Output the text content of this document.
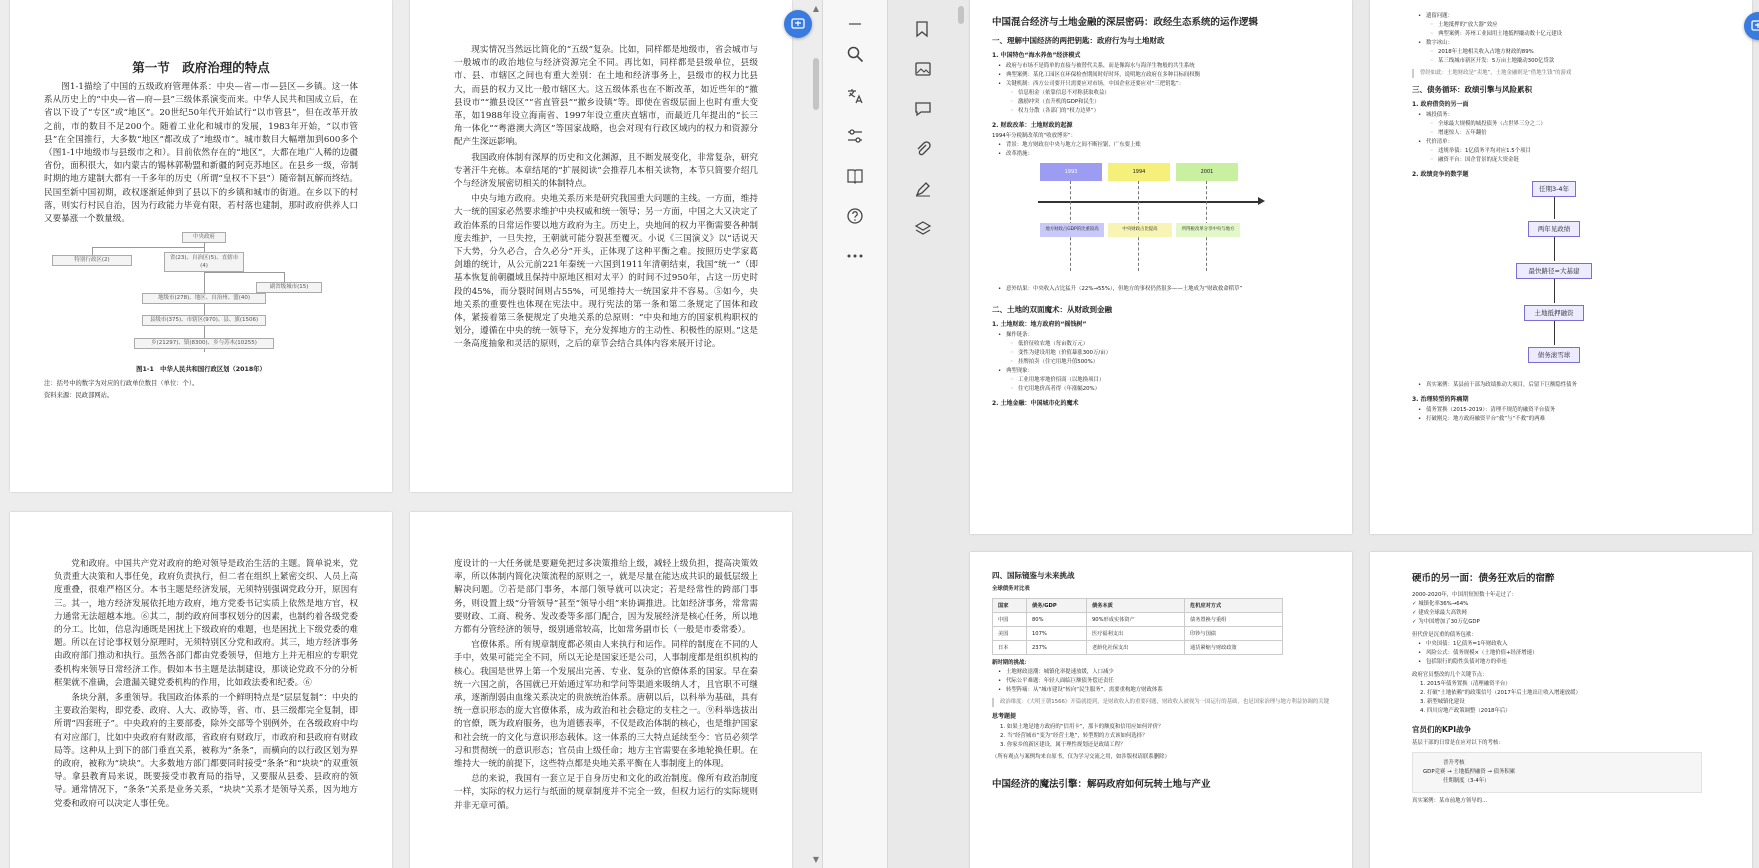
第一节　政府治理的特点
图1-1描绘了中国的五级政府管理体系：中央—省—市—县区—乡镇。这一体系从历史上的“中央—省—府—县”三级体系演变而来。中华人民共和国成立后，在省以下设了“专区”或“地区”。20世纪50年代开始试行“以市管县”，但在改革开放之前，市的数目不足200个。随着工业化和城市的发展，1983年开始，“以市管县”在全国推行，大多数“地区”都改成了“地级市”。城市数目大幅增加到600多个（图1-1中地级市与县级市之和）。目前依然存在的“地区”，大都在地广人稀的边疆省份，面积很大，如内蒙古的锡林郭勒盟和新疆的阿克苏地区。在县乡一级，帝制时期的地方建制大都有一千多年的历史（所谓“皇权不下县”）随帝制瓦解而终结。民国至新中国初期，政权逐渐延伸到了县以下的乡镇和城市的街道。在乡以下的村落，则实行村民自治，因为行政能力毕竟有限，若村落也建制，那时政府供养人口又要暴涨一个数量级。
中央政府
特别行政区(2)	省(23)、自治区(5)、直辖市(4)
副省级城市(15)
地级市(278)、地区、自治州、盟(40)
县级市(375)、市辖区(970)、县、旗(1506)
乡(21297)、镇(8300)、乡与苏木(10255)
图1-1　中华人民共和国行政区划（2018年）
注：括号中的数字为对应的行政单位数目（单位：个）。
资料来源：民政部网站。
现实情况当然远比简化的“五级”复杂。比如，同样都是地级市，省会城市与一般城市的政治地位与经济资源完全不同。再比如，同样都是县级单位，县级市、县、市辖区之间也有重大差别：在土地和经济事务上，县级市的权力比县大，而县的权力又比一般市辖区大。这五级体系也在不断改革，如近些年的“撤县设市”“撤县设区”“省直管县”“撤乡设镇”等。即使在省级层面上也时有重大变革，如1988年设立海南省、1997年设立重庆直辖市，而最近几年提出的“长三角一体化”“粤港澳大湾区”等国家战略，也会对现有行政区域内的权力和资源分配产生深远影响。
我国政府体制有深厚的历史和文化渊源，且不断发展变化，非常复杂，研究专著汗牛充栋。本章结尾的“扩展阅读”会推荐几本相关读物，本节只简要介绍几个与经济发展密切相关的体制特点。
中央与地方政府。央地关系历来是研究我国重大问题的主线。一方面，维持大一统的国家必然要求维护中央权威和统一领导；另一方面，中国之大又决定了政治体系的日常运作要以地方政府为主。历史上，央地间的权力平衡需要各种制度去维护，一旦失控，王朝就可能分裂甚至覆灭。小说《三国演义》以“话说天下大势，分久必合，合久必分”开头，正体现了这种平衡之难。按照历史学家葛剑雄的统计，从公元前221年秦统一六国到1911年清朝结束，我国“统一”（即基本恢复前朝疆域且保持中原地区相对太平）的时间不过950年，占这一历史时段的45%，而分裂时间则占55%，可见维持大一统国家并不容易。⑤如今，央地关系的重要性也体现在宪法中。现行宪法的第一条和第二条规定了国体和政体，紧接着第三条便规定了央地关系的总原则：“中央和地方的国家机构职权的划分，遵循在中央的统一领导下，充分发挥地方的主动性、积极性的原则。”这是一条高度抽象和灵活的原则，之后的章节会结合具体内容来展开讨论。
党和政府。中国共产党对政府的绝对领导是政治生活的主题。简单说来，党负责重大决策和人事任免，政府负责执行，但二者在组织上紧密交织、人员上高度重叠，很难严格区分。本书主题是经济发展，无须特别强调党政分开，原因有三。其一，地方经济发展依托地方政府，地方党委书记实质上依然是地方官，权力通常无法超越本地。⑥其二，制约政府间事权划分的因素，也制约着各级党委的分工。比如，信息沟通既是困扰上下级政府的难题，也是困扰上下级党委的难题。所以在讨论事权划分原理时，无须特别区分党和政府。其三，地方经济事务由政府部门推动和执行。虽然各部门都由党委领导，但地方上并无相应的专职党委机构来领导日常经济工作。假如本书主题是法制建设，那谈论党政不分的分析框架就不准确，会遗漏关键党委机构的作用，比如政法委和纪委。⑥
条块分割，多重领导。我国政治体系的一个鲜明特点是“层层复制”：中央的主要政治架构，即党委、政府、人大、政协等，省、市、县三级都完全复制，即所谓“四套班子”。中央政府的主要部委，除外交部等个别例外，在各级政府中均有对应部门，比如中央政府有财政部，省政府有财政厅，市政府和县政府有财政局等。这种从上到下的部门垂直关系，被称为“条条”，而横向的以行政区划为界的政府，被称为“块块”。大多数地方部门都要同时接受“条条”和“块块”的双重领导。拿县教育局来说，既要接受市教育局的指导，又要服从县委、县政府的领导。通常情况下，“条条”关系是业务关系，“块块”关系才是领导关系，因为地方党委和政府可以决定人事任免。
度设计的一大任务就是要避免把过多决策推给上级，减轻上级负担，提高决策效率，所以体制内简化决策流程的原则之一，就是尽量在能达成共识的最低层级上解决问题。⑦若是部门事务，本部门领导就可以决定；若是经常性的跨部门事务，则设置上级“分管领导”甚至“领导小组”来协调推进。比如经济事务，常常需要财政、工商、税务、发改委等多部门配合，因为发展经济是核心任务，所以地方都有分管经济的领导，级别通常较高，比如常务副市长（一般是市委常委）。
官僚体系。所有规章制度都必须由人来执行和运作。同样的制度在不同的人手中，效果可能完全不同，所以无论是国家还是公司，人事制度都是组织机构的核心。我国是世界上第一个发展出完善、专业、复杂的官僚体系的国家。早在秦统一六国之前，各国就已开始通过军功和学问等渠道来吸纳人才，且官职不可继承，逐渐削弱由血缘关系决定的贵族统治体系。唐朝以后，以科举为基础，具有统一意识形态的庞大官僚体系，成为政治和社会稳定的支柱之一。⑨科举选拔出的官僚，既为政府服务，也为道德表率，不仅是政治体制的核心，也是维护国家和社会统一的文化与意识形态载体。这一体系的三大特点延续至今：官员必须学习和贯彻统一的意识形态；官员由上级任命；地方主官需要在多地轮换任职。在维持大一统的前提下，这些特点都是央地关系平衡在人事制度上的体现。
总的来说，我国有一套立足于自身历史和文化的政治制度。像所有政治制度一样，实际的权力运行与纸面的规章制度并不完全一致，但权力运行的实际规则并非无章可循。
▲
▼
中国混合经济与土地金融的深层密码：政经生态系统的运作逻辑
一、理解中国经济的两把钥匙：政府行为与土地财政
1. 中国特色“海水养鱼”经济模式
• 政府与市场不是简单的直接与被替代关系，而是像海水与海洋生物般的共生系统
• 典型案例：某化工园区在环保检查期间时好时坏，说明地方政府在多种目标间权衡
• 关键机制：西方公司要开只需要应对市场，中国企业还要应对“三把钥匙”：
◦ 信息租金（依靠信息不对称获取收益）
◦ 激励冲突（直升机的GDP和民生）
◦ 权力分散（各部门的“权力边界”）
2. 财政改革：土地财政的起源
1994年分税制改革的“收放博弈”：
• 背景：地方财政在中央与地方之间不断拉锯，广东要上账
• 改革措施：
1993	1994	2001
地方财政占GDP的比重较高	中央财政占比提高	所得税改革分享中央与地方
• 意外结果：中央收入占比猛升（22%→55%），但地方的事权仍然很多——土地成为“财政救命稻草”
二、土地的双面魔术：从财政到金融
1. 土地财政：地方政府的“摇钱树”
• 操作链条：
◦ 低价征收农地（每亩数万元）
◦ 变性为建设用地（价值暴涨300万/亩）
◦ 挂牌拍卖（住宅用地升值500%）
• 典型现象：
◦ 工业用地零地价招商（以地换项目）
◦ 住宅用地价高者得（年涨幅20%）
2. 土地金融：中国城市化的魔术
• 遗留问题：
◦ 土地抵押的“放大器”效应
◦ 典型案例：苏州工业园用土地抵押撬动数十亿元建设
• 数字冰山：
◦ 2018年土地相关收入占地方财政的89%
◦ 某三线城市新区开发：5万亩土地撬动300亿贷款
曾经如此：土地财政是“卖地”，土地金融则是“借地生钱”的游戏
三、债务循环：政绩引擎与风险累积
1. 政府借贷的另一面
• 城投债务：
◦ 全球最大规模的城投债务（占世界三分之二）
◦ 增速惊人：五年翻倍
• 代价清单：
◦ 违规举债：1亿债务平均对应1.5个项目
◦ 融资平台：国企背景的庞大资金链
2. 政绩竞争的数学题
任期3-4年
两年见政绩
最快路径=大基建
土地抵押融资
债务滚雪球
• 真实案例：某县前干部为政绩推动大项目，后留下巨额隐性债务
3. 治理转型的阵痛期
• 债务置换（2015-2019）：清理不规范的融资平台债务
• 打破刚兑：地方政府融资平台“救”与“不救”的两难
四、国际镜鉴与未来挑战
全球债务对比表
国家	债务/GDP	债务本质	危机应对方式
中国	80%	90%形成实体资产	债务置换与重组
美国	107%	医疗福利支出	印钞与国债
日本	237%	老龄化社保支出	通货紧缩与财政政策
新时期的挑战：
• 土地财政退潮：城镇化率提速放缓，人口减少
• 代际公平难题：年轻人面临巨额债务偿还责任
• 转型阵痛：从“城市建设”转向“民生服务”，需要重构地方财政体系
政治维度：《大明王朝1566》开篇就提到，是财政收入的重要问题，财政收入被视为一国运行的基础，也是国家治理与地方利益协调的关键
思考题提
1. 如果土地是地方政府的“信用卡”，那卡的额度和信用应如何评价？
2. 当“经营城市”变为“经营土地”，转型期的方式该如何选择？
3. 你家乡的新区建设，属于理性规划还是政绩工程？
（所有观点与案例均来自原书，仅为学习交流之用，如涉版权请联系删除）
中国经济的魔法引擎：解码政府如何玩转土地与产业
硬币的另一面：债务狂欢后的宿醉
2000-2020年，中国用短短数十年走过了：
✓ 城镇化率36%→64%
✓ 建成全球最大高铁网
✓ 为中国增加了30万亿GDP
但代价是沉重的债务包袱：
• 中央国债：1亿债务=1年财政收入
• 风险公式：债务规模×（土地价值+经济增速）
• 包括银行的隐性负债对地方的牵连
政府官员整改的几个关键节点：
1. 2015年债务置换（清理融资平台）
2. 打破“土地依赖”的政策信号（2017年后土地出让收入增速放缓）
3. 新型城镇化建设
4. 四川房地产政策调整（2018年后）
官员们的KPI战争
基层干部的日常是在应对以下的考核：
晋升考核
GDP竞赛 → 土地抵押融资 → 债务积累
任期制度（3-4年）
真实案例：某市前地方领导的...
